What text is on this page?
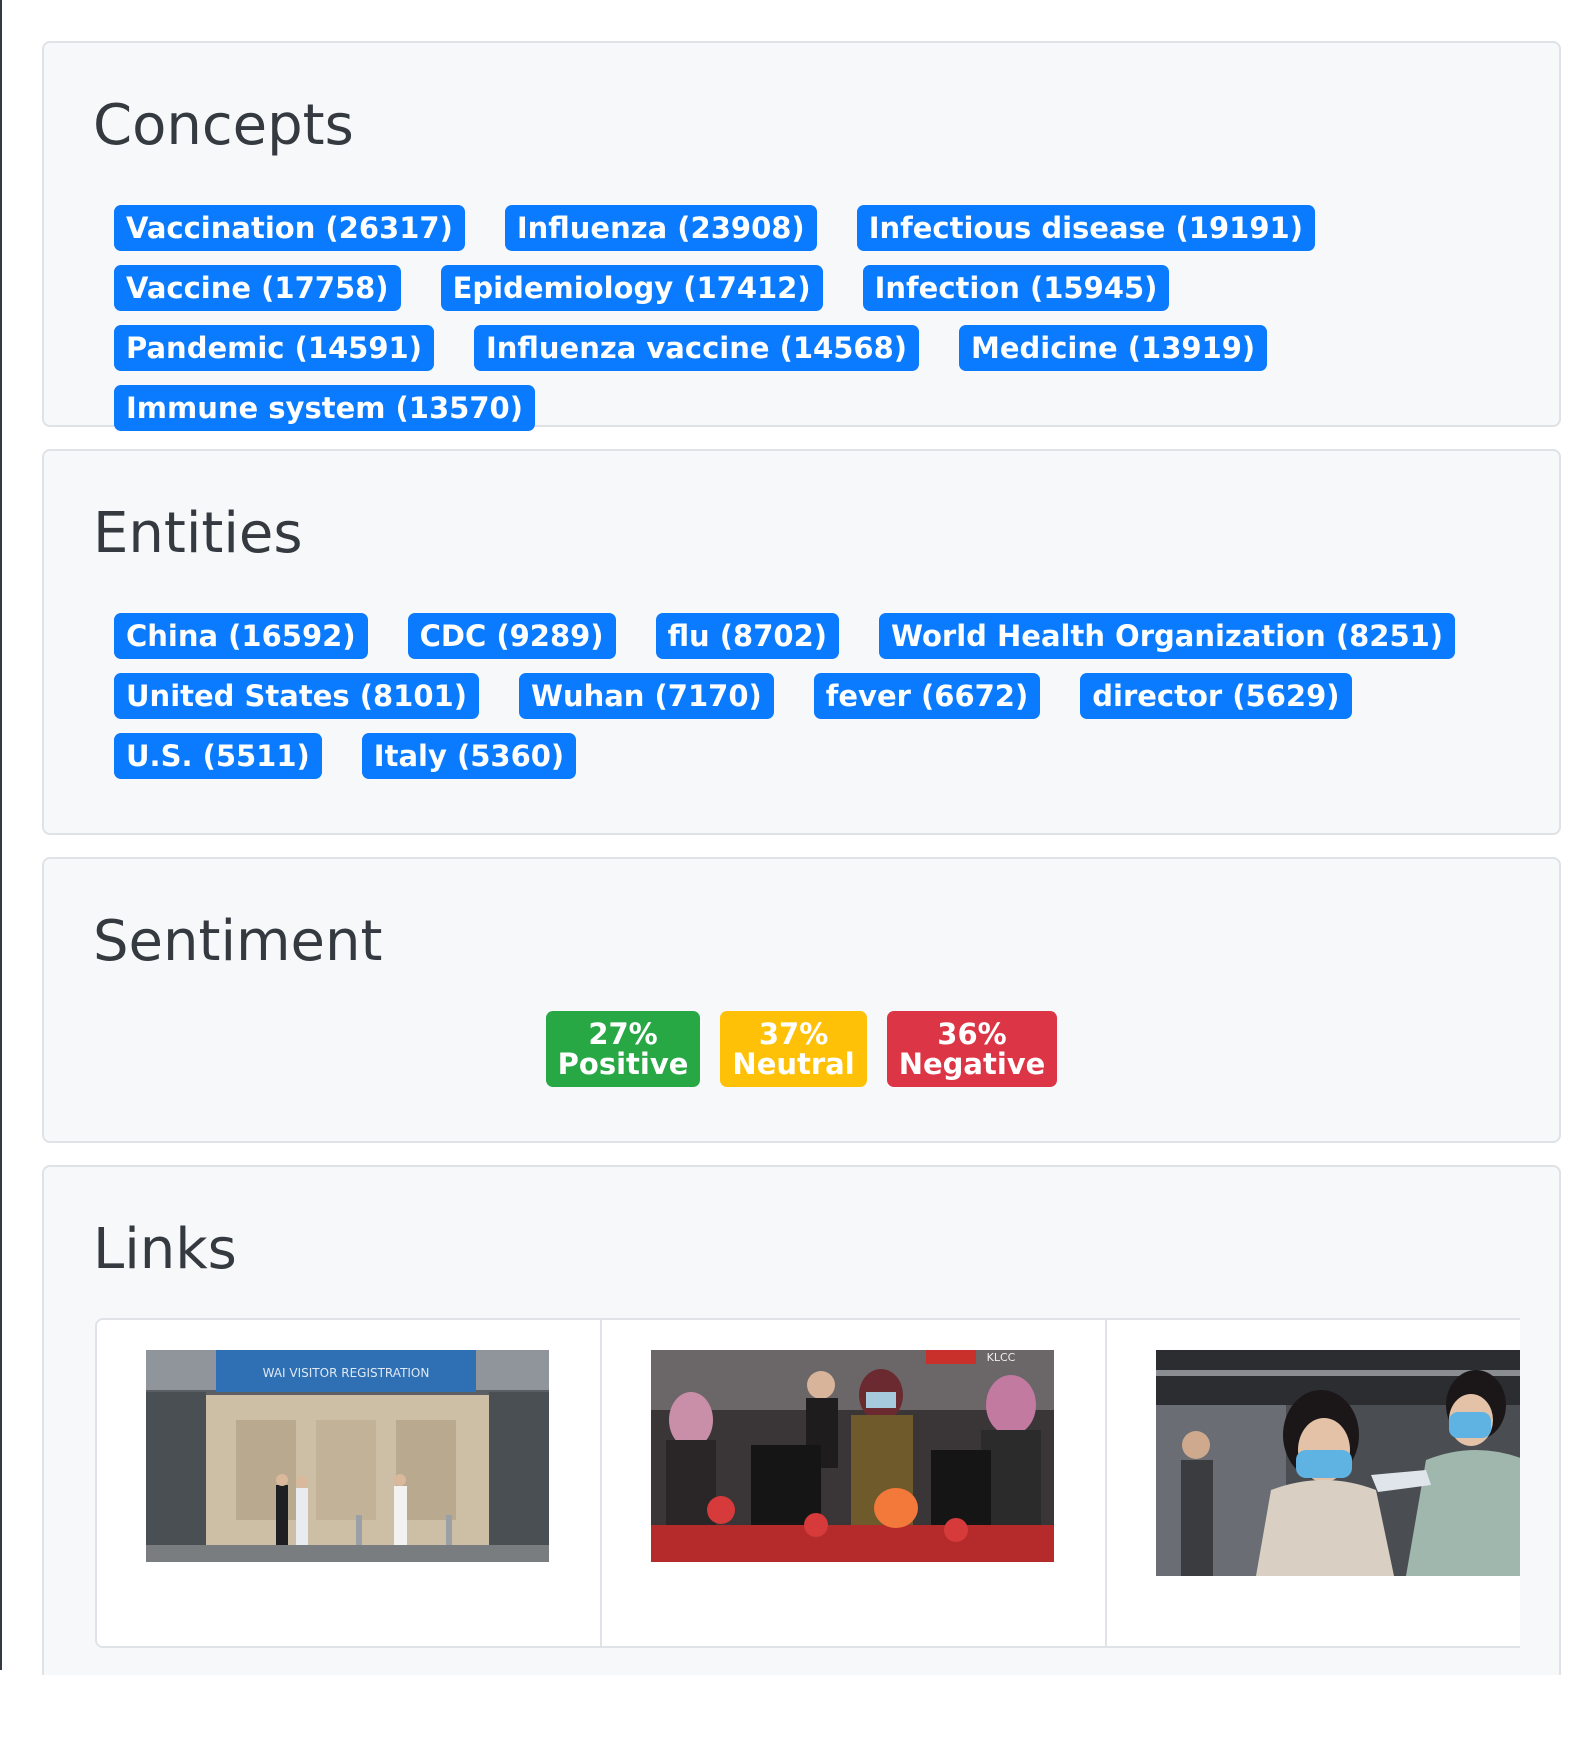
Concepts
Vaccination (26317)	Influenza (23908)	Infectious disease (19191)
Vaccine (17758)	Epidemiology (17412)	Infection (15945)
Pandemic (14591)	Influenza vaccine (14568)	Medicine (13919)
Immune system (13570)
Entities
China (16592)	CDC (9289)	flu (8702)	World Health Organization (8251)
United States (8101)	Wuhan (7170)	fever (6672)	director (5629)
U.S. (5511)	Italy (5360)
Sentiment
27%
Positive
37%
Neutral
36%
Negative
Links
WAI VISITOR REGISTRATION
KLCC
